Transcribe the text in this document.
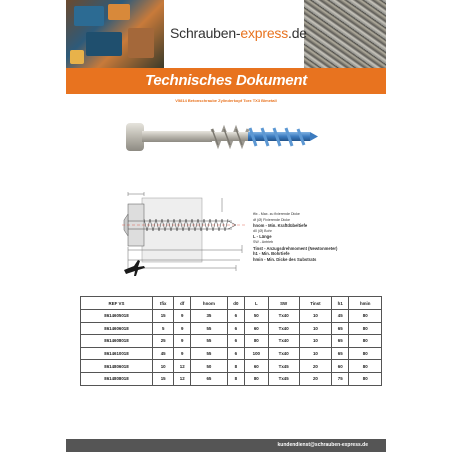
Schrauben-express.de
Technisches Dokument
V5814 Betonschraube Zylinderkopf Torx TX3 Bimetall
tfix - Max. zu fixierende Dicke
df (Ø) Fixierende Dicke
hnom - Min. Kraftdübeltiefe
d0 (Ø) Bohr
L - Länge
SW - Antrieb
Tinst - Anzugsdrehmoment (Newtonmeter)
h1 - Min. Bohrtiefe
hmin - Min. Dicke des Substrats
REF VS	tfix	df	hnom	d0	L	SW	Tinst	h1	hmin
8614605018	15	9	35	6	50	Tx40	10	45	80
8614606018	5	9	55	6	60	Tx40	10	65	80
8614608018	25	9	55	6	80	Tx40	10	65	80
8614610018	45	9	55	6	100	Tx40	10	65	80
8614806018	10	12	50	8	60	Tx45	20	60	80
8614808018	15	12	65	8	80	Tx45	20	75	80
kundendienst@schrauben-express.de
